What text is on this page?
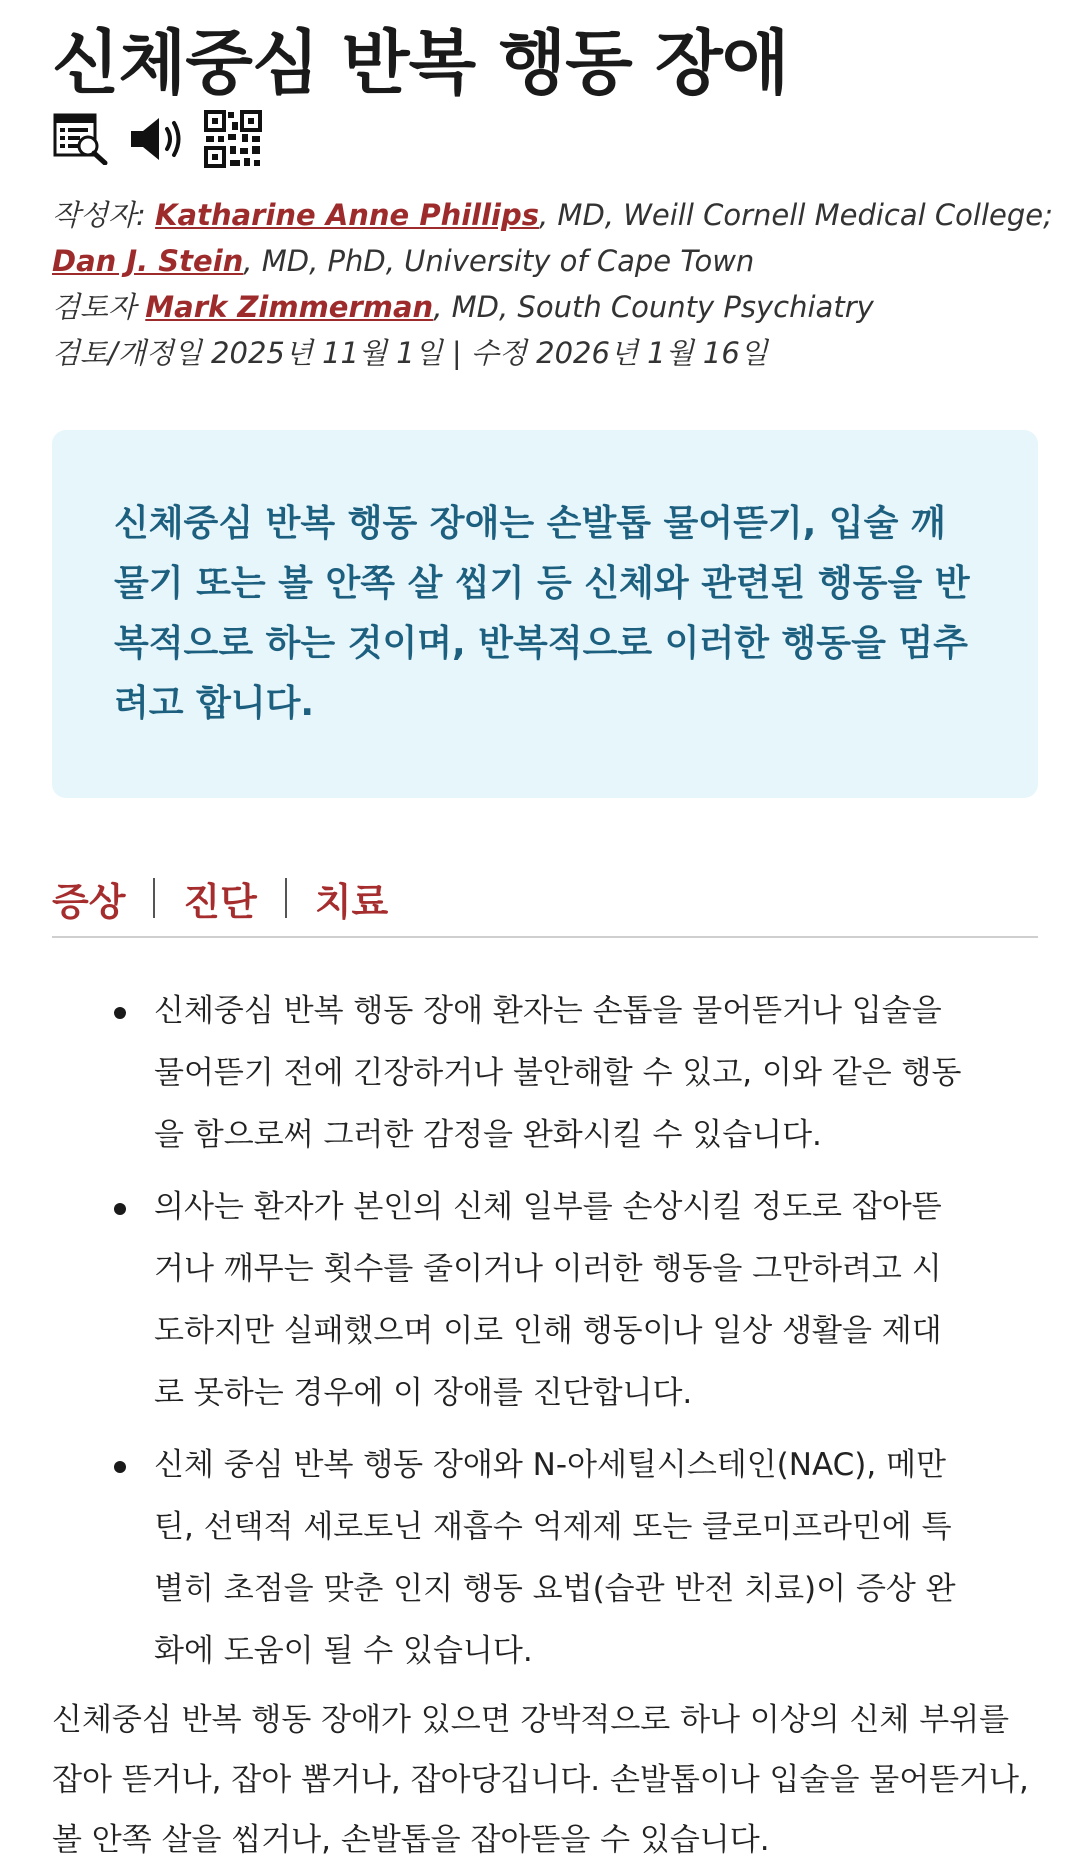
신체중심 반복 행동 장애
작성자: Katharine Anne Phillips, MD, Weill Cornell Medical College;
Dan J. Stein, MD, PhD, University of Cape Town
검토자 Mark Zimmerman, MD, South County Psychiatry
검토/개정일 2025년 11월 1일 | 수정 2026년 1월 16일

신체중심 반복 행동 장애는 손발톱 물어뜯기, 입술 깨물기 또는 볼 안쪽 살 씹기 등 신체와 관련된 행동을 반복적으로 하는 것이며, 반복적으로 이러한 행동을 멈추려고 합니다.

증상 진단 치료
신체중심 반복 행동 장애 환자는 손톱을 물어뜯거나 입술을 물어뜯기 전에 긴장하거나 불안해할 수 있고, 이와 같은 행동을 함으로써 그러한 감정을 완화시킬 수 있습니다.
의사는 환자가 본인의 신체 일부를 손상시킬 정도로 잡아뜯거나 깨무는 횟수를 줄이거나 이러한 행동을 그만하려고 시도하지만 실패했으며 이로 인해 행동이나 일상 생활을 제대로 못하는 경우에 이 장애를 진단합니다.
신체 중심 반복 행동 장애와 N-아세틸시스테인(NAC), 메만틴, 선택적 세로토닌 재흡수 억제제 또는 클로미프라민에 특별히 초점을 맞춘 인지 행동 요법(습관 반전 치료)이 증상 완화에 도움이 될 수 있습니다.

신체중심 반복 행동 장애가 있으면 강박적으로 하나 이상의 신체 부위를 잡아 뜯거나, 잡아 뽑거나, 잡아당깁니다. 손발톱이나 입술을 물어뜯거나, 볼 안쪽 살을 씹거나, 손발톱을 잡아뜯을 수 있습니다.
